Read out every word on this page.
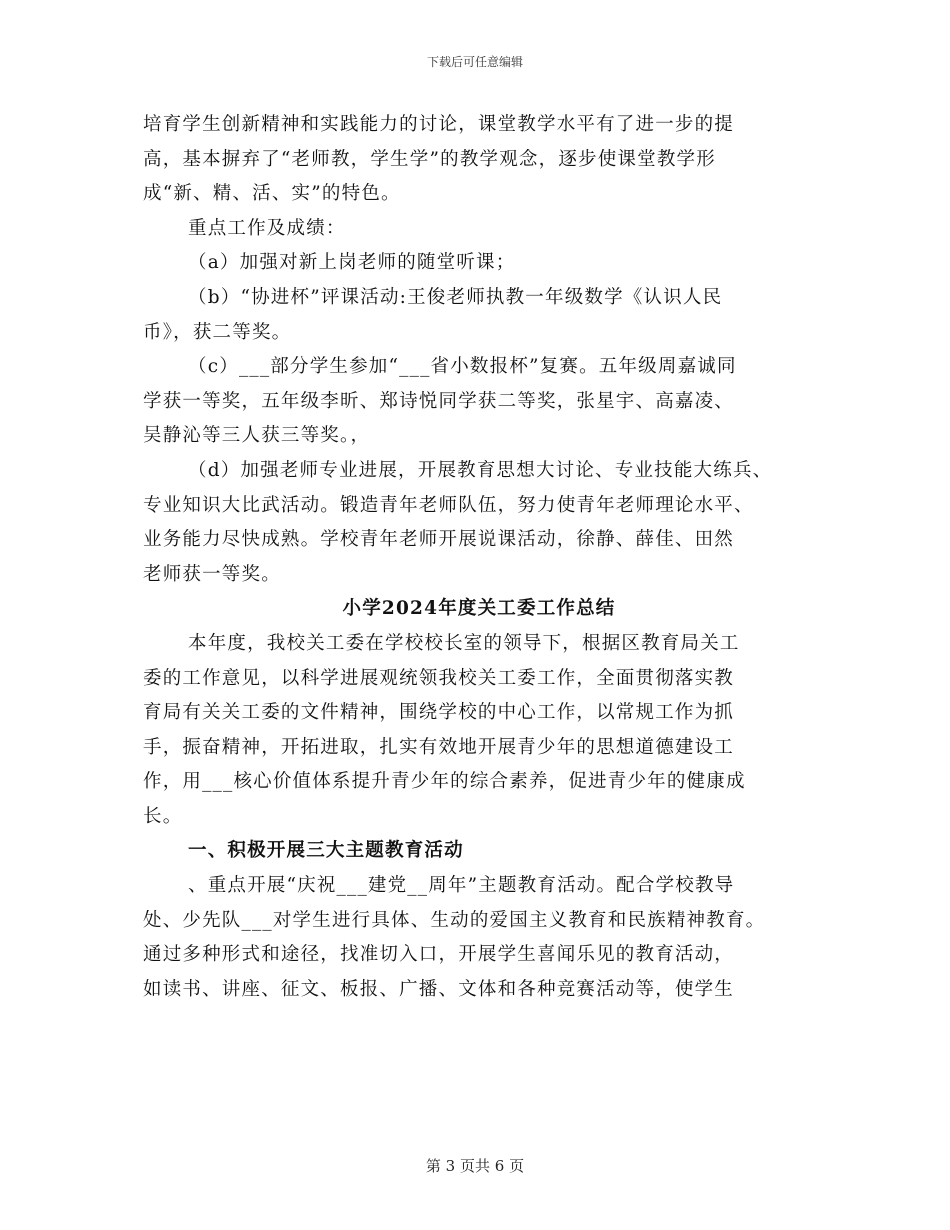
下载后可任意编辑
培育学生创新精神和实践能力的讨论，课堂教学水平有了进一步的提
高，基本摒弃了“老师教，学生学”的教学观念，逐步使课堂教学形
成“新、精、活、实”的特色。
重点工作及成绩：
（a）加强对新上岗老师的随堂听课；
（b）“协进杯”评课活动:王俊老师执教一年级数学《认识人民
币》，获二等奖。
（c）___部分学生参加“___省小数报杯”复赛。五年级周嘉诚同
学获一等奖，五年级李昕、郑诗悦同学获二等奖，张星宇、高嘉凌、
吴静沁等三人获三等奖。，
（d）加强老师专业进展，开展教育思想大讨论、专业技能大练兵、
专业知识大比武活动。锻造青年老师队伍，努力使青年老师理论水平、
业务能力尽快成熟。学校青年老师开展说课活动，徐静、薛佳、田然
老师获一等奖。
小学2024年度关工委工作总结
本年度，我校关工委在学校校长室的领导下，根据区教育局关工
委的工作意见，以科学进展观统领我校关工委工作，全面贯彻落实教
育局有关关工委的文件精神，围绕学校的中心工作，以常规工作为抓
手，振奋精神，开拓进取，扎实有效地开展青少年的思想道德建设工
作，用___核心价值体系提升青少年的综合素养，促进青少年的健康成
长。
一、积极开展三大主题教育活动
、重点开展“庆祝___建党__周年”主题教育活动。配合学校教导
处、少先队___对学生进行具体、生动的爱国主义教育和民族精神教育。
通过多种形式和途径，找准切入口，开展学生喜闻乐见的教育活动，
如读书、讲座、征文、板报、广播、文体和各种竞赛活动等，使学生
第 3 页共 6 页
